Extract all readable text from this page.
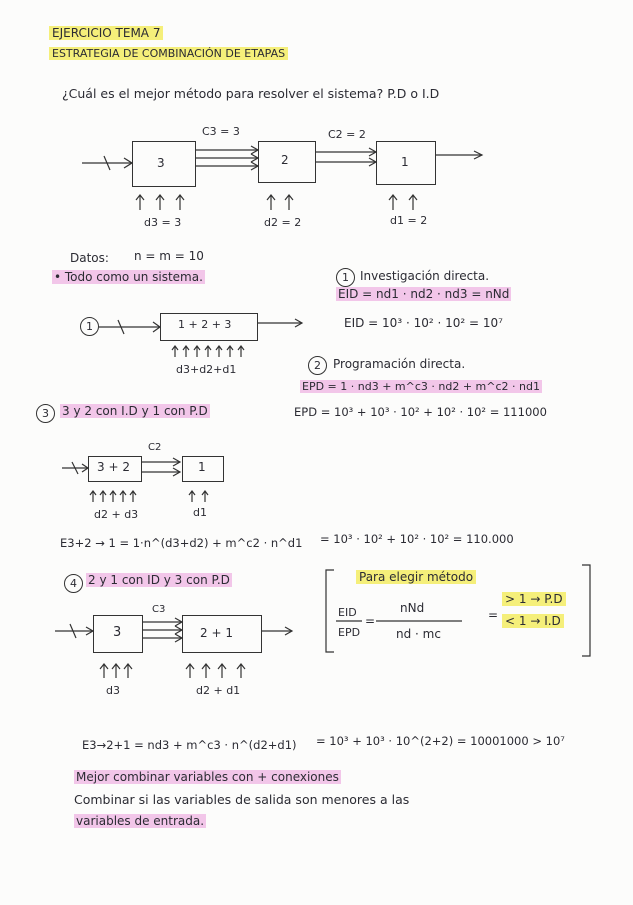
EJERCICIO TEMA 7
ESTRATEGIA DE COMBINACIÓN DE ETAPAS
¿Cuál es el mejor método para resolver el sistema? P.D o I.D
C3 = 3	C2 = 2
3	2	1
d3 = 3	d2 = 2	d1 = 2
Datos: n = m = 10
• Todo como un sistema.
1	1 + 2 + 3
d3+d2+d1
1 Investigación directa.
EID = nd1 · nd2 · nd3 = nNd
EID = 10³ · 10² · 10² = 10⁷
2	Programación directa.
EPD = 1 · nd3 + m^c3 · nd2 + m^c2 · nd1
EPD = 10³ + 10³ · 10² + 10² · 10² = 111000
3	3 y 2 con I.D y 1 con P.D
C2
3 + 2	1
d2 + d3	d1
E3+2 → 1 = 1·n^(d3+d2) + m^c2 · n^d1 = 10³ · 10² + 10² · 10² = 110.000
4 2 y 1 con ID y 3 con P.D
C3
3	2 + 1
d3	d2 + d1
Para elegir método
EID
EPD
=
nNd
nd · mc
=
> 1 → P.D
< 1 → I.D
E3→2+1 = nd3 + m^c3 · n^(d2+d1) = 10³ + 10³ · 10^(2+2) = 10001000 > 10⁷
Mejor combinar variables con + conexiones
Combinar si las variables de salida son menores a las
variables de entrada.
